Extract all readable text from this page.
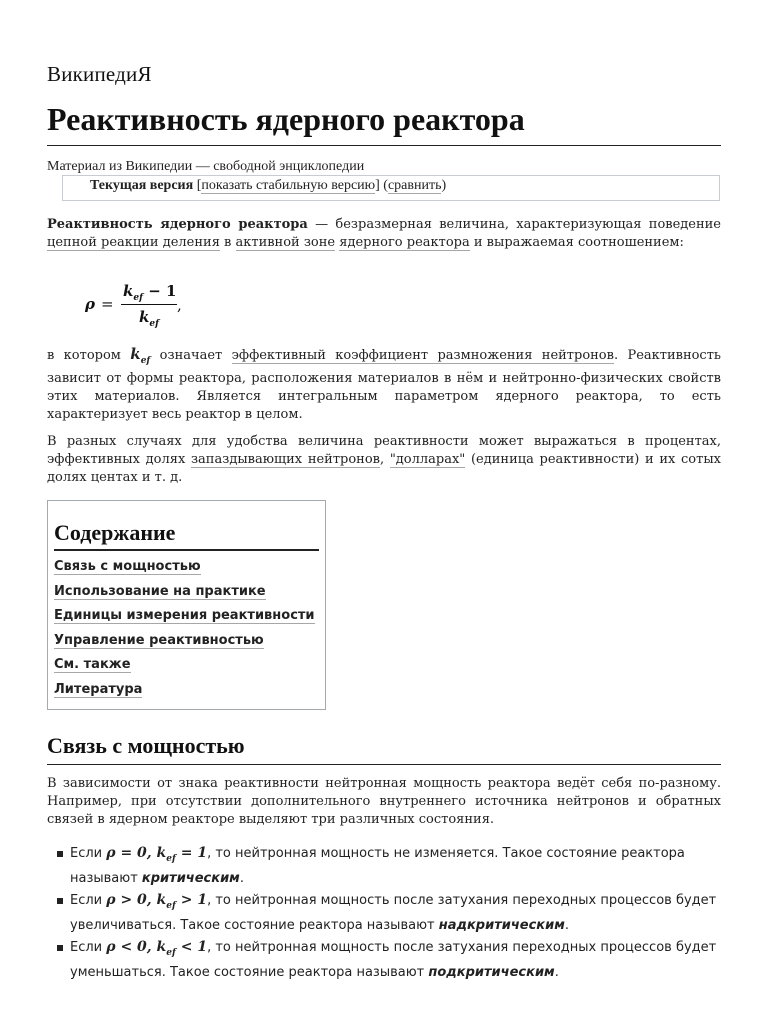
ВикипедиЯ
Реактивность ядерного реактора
Материал из Википедии — свободной энциклопедии
Текущая версия [показать стабильную версию] (сравнить)
Реактивность ядерного реактора — безразмерная величина, характеризующая поведение цепной реакции деления в активной зоне ядерного реактора и выражаемая соотношением:
ρ =
$k_{ef} - 1$
$k_{ef}$
,
в котором $k_{ef}$ означает эффективный коэффициент размножения нейтронов. Реактивность зависит от формы реактора, расположения материалов в нём и нейтронно-физических свойств этих материалов. Является интегральным параметром ядерного реактора, то есть характеризует весь реактор в целом.
В разных случаях для удобства величина реактивности может выражаться в процентах, эффективных долях запаздывающих нейтронов, "долларах" (единица реактивности) и их сотых долях центах и т. д.
Содержание
Связь с мощностью
Использование на практике
Единицы измерения реактивности
Управление реактивностью
См. также
Литература
Связь с мощностью
В зависимости от знака реактивности нейтронная мощность реактора ведёт себя по-разному. Например, при отсутствии дополнительного внутреннего источника нейтронов и обратных связей в ядерном реакторе выделяют три различных состояния.
Если ρ = 0, $k_{ef} = 1$, то нейтронная мощность не изменяется. Такое состояние реактора называют критическим.
Если ρ > 0, $k_{ef} > 1$, то нейтронная мощность после затухания переходных процессов будет увеличиваться. Такое состояние реактора называют надкритическим.
Если ρ < 0, $k_{ef} < 1$, то нейтронная мощность после затухания переходных процессов будет уменьшаться. Такое состояние реактора называют подкритическим.
